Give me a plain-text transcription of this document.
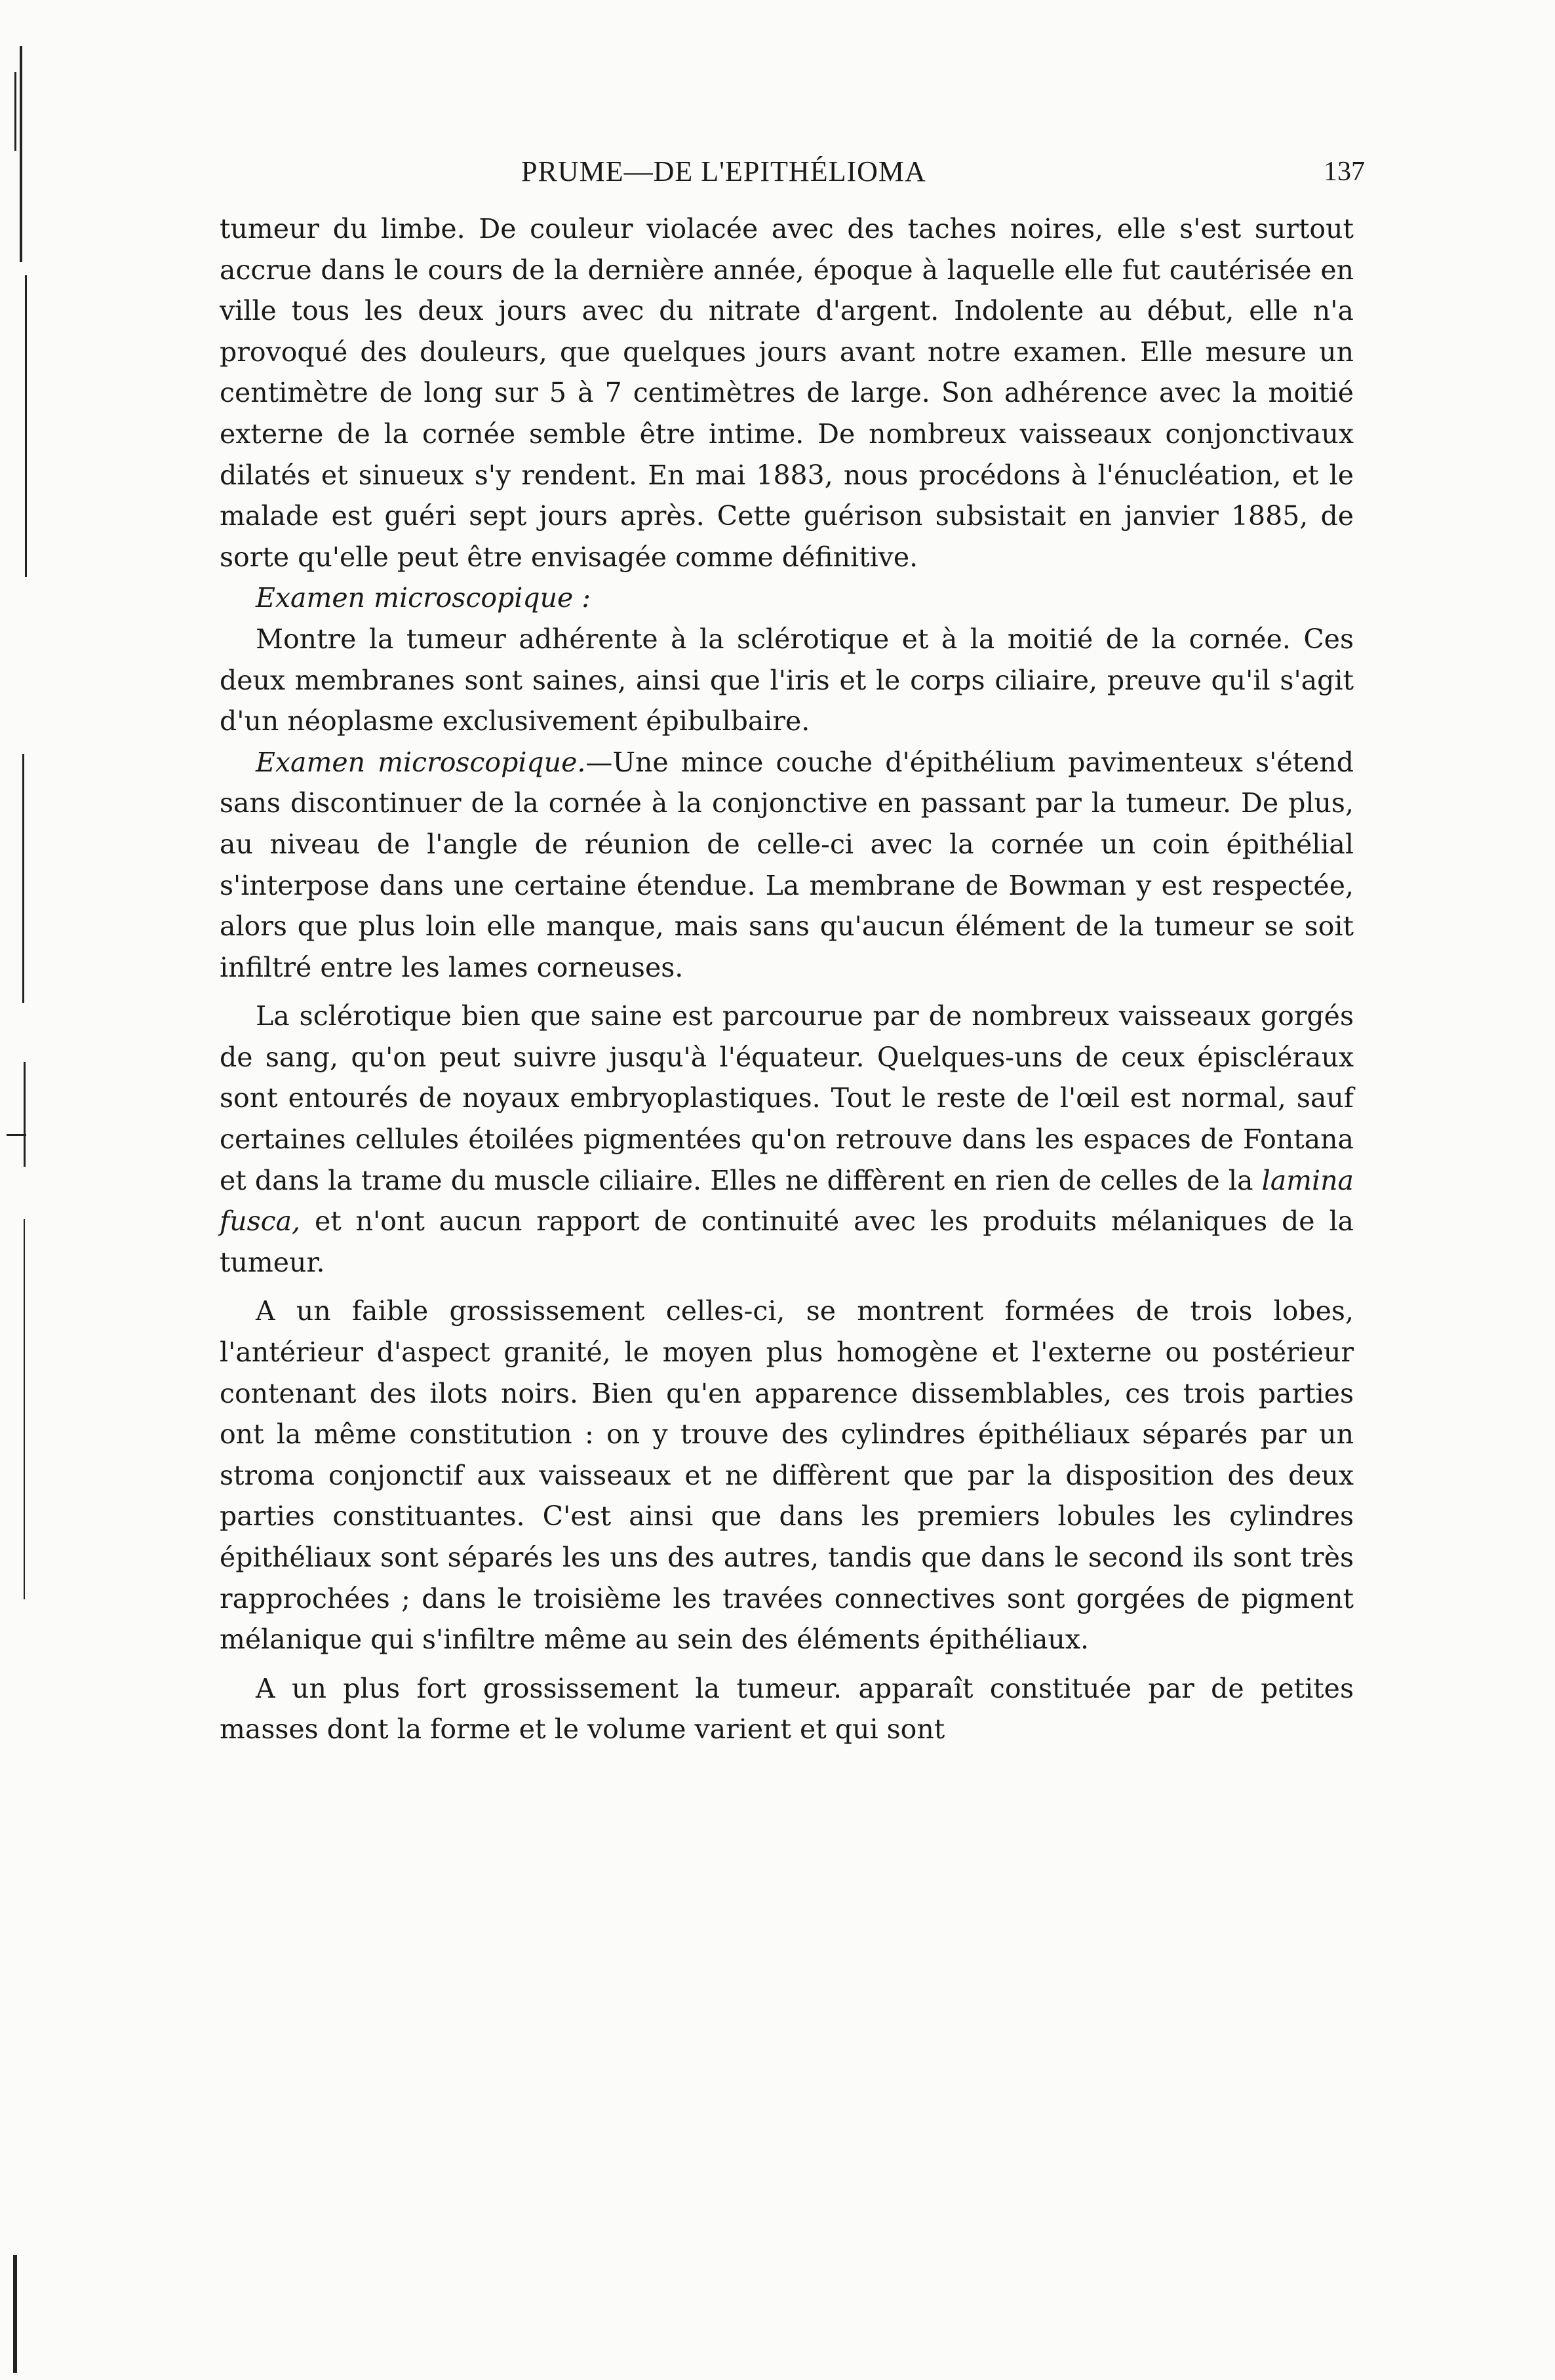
PRUME—DE L'EPITHÉLIOMA	137

tumeur du limbe. De couleur violacée avec des taches noires, elle s'est surtout accrue dans le cours de la dernière année, époque à laquelle elle fut cautérisée en ville tous les deux jours avec du nitrate d'argent. Indolente au début, elle n'a provoqué des douleurs, que quelques jours avant notre examen. Elle mesure un centimètre de long sur 5 à 7 centimètres de large. Son adhérence avec la moitié externe de la cornée semble être intime. De nombreux vaisseaux conjonctivaux dilatés et sinueux s'y rendent. En mai 1883, nous procédons à l'énucléation, et le malade est guéri sept jours après. Cette guérison subsistait en janvier 1885, de sorte qu'elle peut être envisagée comme définitive.

Examen microscopique :

Montre la tumeur adhérente à la sclérotique et à la moitié de la cornée. Ces deux membranes sont saines, ainsi que l'iris et le corps ciliaire, preuve qu'il s'agit d'un néoplasme exclusivement épibulbaire.

Examen microscopique.—Une mince couche d'épithélium pavimenteux s'étend sans discontinuer de la cornée à la conjonctive en passant par la tumeur. De plus, au niveau de l'angle de réunion de celle-ci avec la cornée un coin épithélial s'interpose dans une certaine étendue. La membrane de Bowman y est respectée, alors que plus loin elle manque, mais sans qu'aucun élément de la tumeur se soit infiltré entre les lames corneuses.

La sclérotique bien que saine est parcourue par de nombreux vaisseaux gorgés de sang, qu'on peut suivre jusqu'à l'équateur. Quelques-uns de ceux épiscléraux sont entourés de noyaux embryoplastiques. Tout le reste de l'œil est normal, sauf certaines cellules étoilées pigmentées qu'on retrouve dans les espaces de Fontana et dans la trame du muscle ciliaire. Elles ne diffèrent en rien de celles de la lamina fusca, et n'ont aucun rapport de continuité avec les produits mélaniques de la tumeur.

A un faible grossissement celles-ci, se montrent formées de trois lobes, l'antérieur d'aspect granité, le moyen plus homogène et l'externe ou postérieur contenant des ilots noirs. Bien qu'en apparence dissemblables, ces trois parties ont la même constitution : on y trouve des cylindres épithéliaux séparés par un stroma conjonctif aux vaisseaux et ne diffèrent que par la disposition des deux parties constituantes. C'est ainsi que dans les premiers lobules les cylindres épithéliaux sont séparés les uns des autres, tandis que dans le second ils sont très rapprochées ; dans le troisième les travées connectives sont gorgées de pigment mélanique qui s'infiltre même au sein des éléments épithéliaux.

A un plus fort grossissement la tumeur. apparaît constituée par de petites masses dont la forme et le volume varient et qui sont
